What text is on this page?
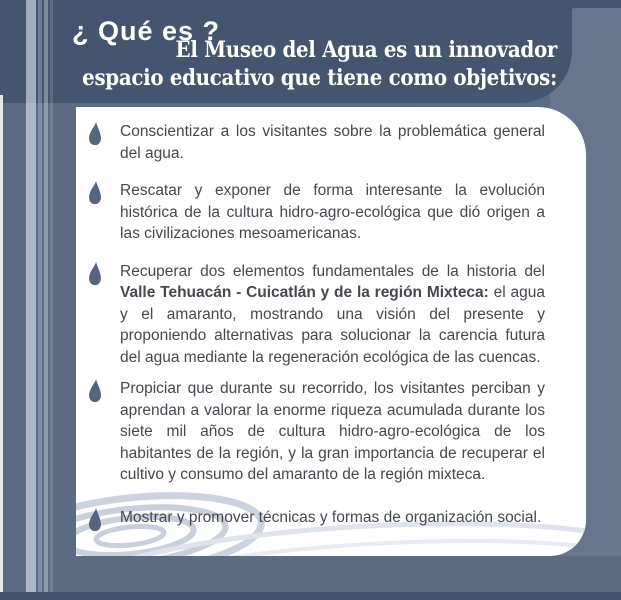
¿ Qué es ?
El Museo del Agua es un innovador
espacio educativo que tiene como objetivos:
Conscientizar a los visitantes sobre la problemática general del agua.
Rescatar y exponer de forma interesante la evolución histórica de la cultura hidro-agro-ecológica que dió origen a las civilizaciones mesoamericanas.
Recuperar dos elementos fundamentales de la historia del Valle Tehuacán - Cuicatlán y de la región Mixteca: el agua y el amaranto, mostrando una visión del presente y proponiendo alternativas para solucionar la carencia futura del agua mediante la regeneración ecológica de las cuencas.
Propiciar que durante su recorrido, los visitantes perciban y aprendan a valorar la enorme riqueza acumulada durante los siete mil años de cultura hidro-agro-ecológica de los habitantes de la región, y la gran importancia de recuperar el cultivo y consumo del amaranto de la región mixteca.
Mostrar y promover técnicas y formas de organización social.
